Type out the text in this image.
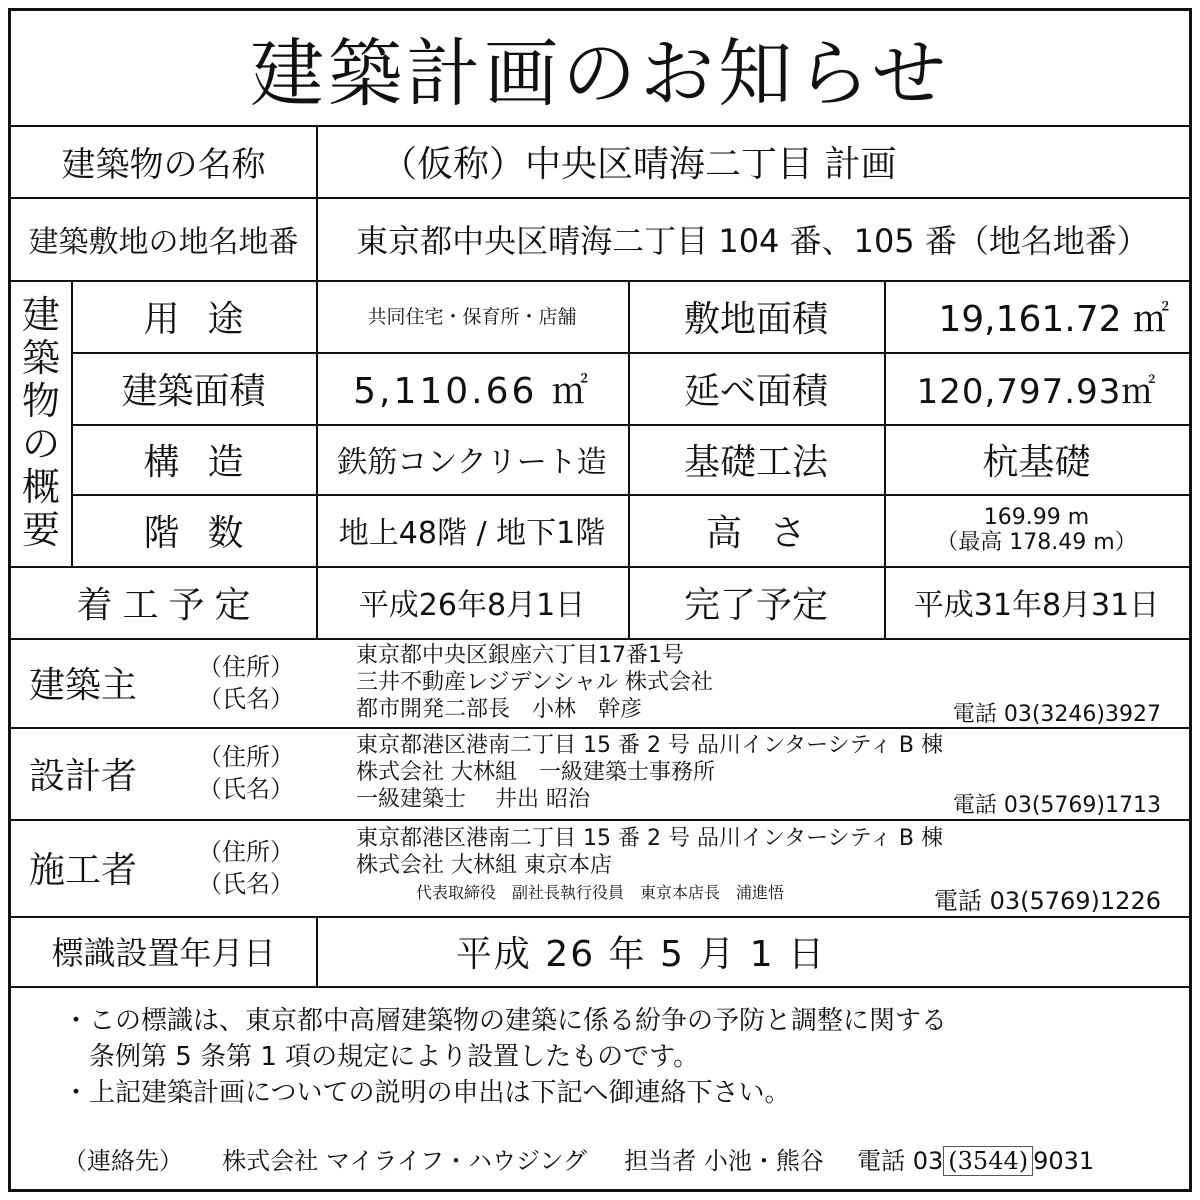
建築計画のお知らせ
建築物の名称	（仮称）中央区晴海二丁目 計画
建築敷地の地名地番	東京都中央区晴海二丁目 104 番、105 番（地名地番）
建
築
物
の
概
要
用途	共同住宅・保育所・店舗	敷地面積	19,161.72 ㎡
建築面積	5,110.66 ㎡	延べ面積	120,797.93㎡
構造	鉄筋コンクリート造	基礎工法	杭基礎
階数	地上48階 / 地下1階	高さ	169.99 m
（最高 178.49 m）
着工予定	平成26年8月1日	完了予定	平成31年8月31日
建築主	（住所）
（氏名）
東京都中央区銀座六丁目17番1号
三井不動産レジデンシャル 株式会社
都市開発二部長　小林　幹彦	電話 03(3246)3927
設計者	（住所）
（氏名）
東京都港区港南二丁目 15 番 2 号 品川インターシティ B 棟
株式会社 大林組　一級建築士事務所
一級建築士　 井出 昭治	電話 03(5769)1713
施工者	（住所）
（氏名）
東京都港区港南二丁目 15 番 2 号 品川インターシティ B 棟
株式会社 大林組 東京本店
代表取締役　副社長執行役員　東京本店長　浦進悟	電話 03(5769)1226
標識設置年月日	平成 26 年 5 月 1 日
・この標識は、東京都中高層建築物の建築に係る紛争の予防と調整に関する
　条例第 5 条第 1 項の規定により設置したものです。
・上記建築計画についての説明の申出は下記へ御連絡下さい。
（連絡先） 株式会社 マイライフ・ハウジング 担当者 小池・熊谷 電話 03 (3544) 9031
